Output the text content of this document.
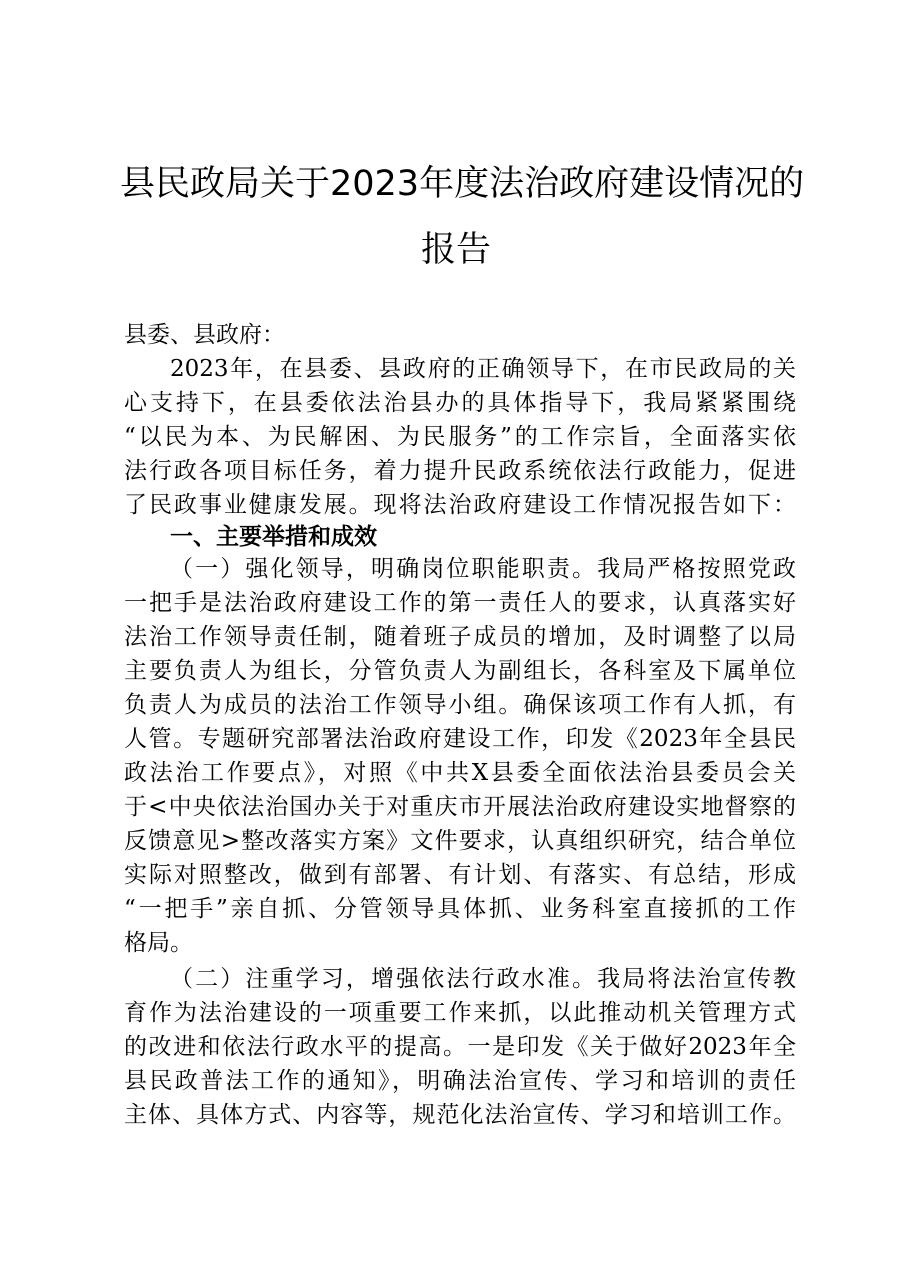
县民政局关于2023年度法治政府建设情况的
报告
县委、县政府：
2023年，在县委、县政府的正确领导下，在市民政局的关
心支持下，在县委依法治县办的具体指导下，我局紧紧围绕
“以民为本、为民解困、为民服务”的工作宗旨，全面落实依
法行政各项目标任务，着力提升民政系统依法行政能力，促进
了民政事业健康发展。现将法治政府建设工作情况报告如下：
一、主要举措和成效
（一）强化领导，明确岗位职能职责。我局严格按照党政
一把手是法治政府建设工作的第一责任人的要求，认真落实好
法治工作领导责任制，随着班子成员的增加，及时调整了以局
主要负责人为组长，分管负责人为副组长，各科室及下属单位
负责人为成员的法治工作领导小组。确保该项工作有人抓，有
人管。专题研究部署法治政府建设工作，印发《2023年全县民
政法治工作要点》，对照《中共X县委全面依法治县委员会关
于<中央依法治国办关于对重庆市开展法治政府建设实地督察的
反馈意见>整改落实方案》文件要求，认真组织研究，结合单位
实际对照整改，做到有部署、有计划、有落实、有总结，形成
“一把手”亲自抓、分管领导具体抓、业务科室直接抓的工作
格局。
（二）注重学习，增强依法行政水准。我局将法治宣传教
育作为法治建设的一项重要工作来抓，以此推动机关管理方式
的改进和依法行政水平的提高。一是印发《关于做好2023年全
县民政普法工作的通知》，明确法治宣传、学习和培训的责任
主体、具体方式、内容等，规范化法治宣传、学习和培训工作。
